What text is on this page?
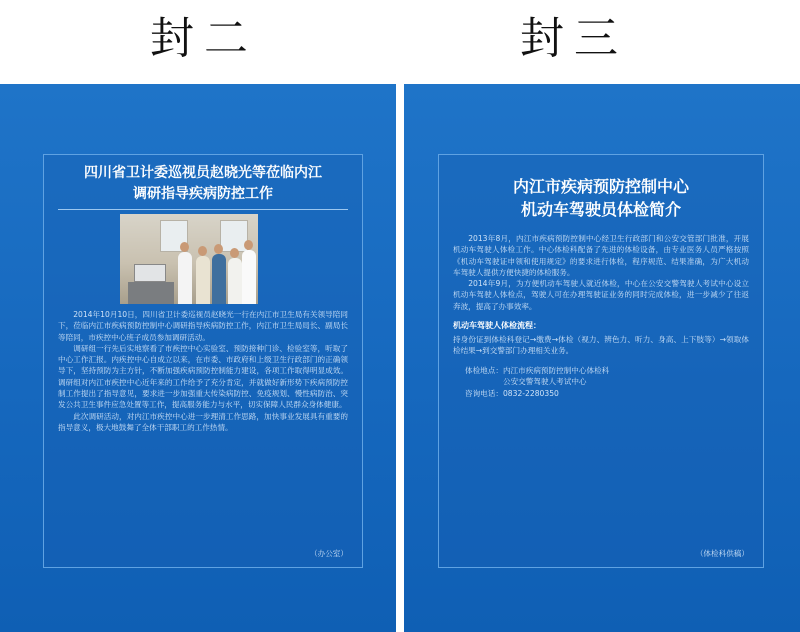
封二	封三
四川省卫计委巡视员赵晓光等莅临内江
调研指导疾病防控工作

2014年10月10日，四川省卫计委巡视员赵晓光一行在内江市卫生局有关领导陪同下，莅临内江市疾病预防控制中心调研指导疾病防控工作，内江市卫生局局长、副局长等陪同，市疾控中心班子成员参加调研活动。

调研组一行先后实地察看了市疾控中心实验室、预防接种门诊、检验室等，听取了中心工作汇报。内疾控中心自成立以来，在市委、市政府和上级卫生行政部门的正确领导下，坚持预防为主方针，不断加强疾病预防控制能力建设，各项工作取得明显成效。调研组对内江市疾控中心近年来的工作给予了充分肯定，并就做好新形势下疾病预防控制工作提出了指导意见，要求进一步加强重大传染病防控、免疫规划、慢性病防治、突发公共卫生事件应急处置等工作，提高服务能力与水平，切实保障人民群众身体健康。

此次调研活动，对内江市疾控中心进一步理清工作思路，加快事业发展具有重要的指导意义，极大地鼓舞了全体干部职工的工作热情。

（办公室）
内江市疾病预防控制中心
机动车驾驶员体检简介

2013年8月，内江市疾病预防控制中心经卫生行政部门和公安交管部门批准，开展机动车驾驶人体检工作。中心体检科配备了先进的体检设备，由专业医务人员严格按照《机动车驾驶证申领和使用规定》的要求进行体检，程序规范、结果准确，为广大机动车驾驶人提供方便快捷的体检服务。

2014年9月，为方便机动车驾驶人就近体检，中心在公安交警驾驶人考试中心设立机动车驾驶人体检点，驾驶人可在办理驾驶证业务的同时完成体检，进一步减少了往返奔波，提高了办事效率。

机动车驾驶人体检流程：
持身份证到体检科登记→缴费→体检（视力、辨色力、听力、身高、上下肢等）→领取体检结果→到交警部门办理相关业务。
体检地点：内江市疾病预防控制中心体检科
公安交警驾驶人考试中心
咨询电话：0832-2280350
（体检科供稿）
